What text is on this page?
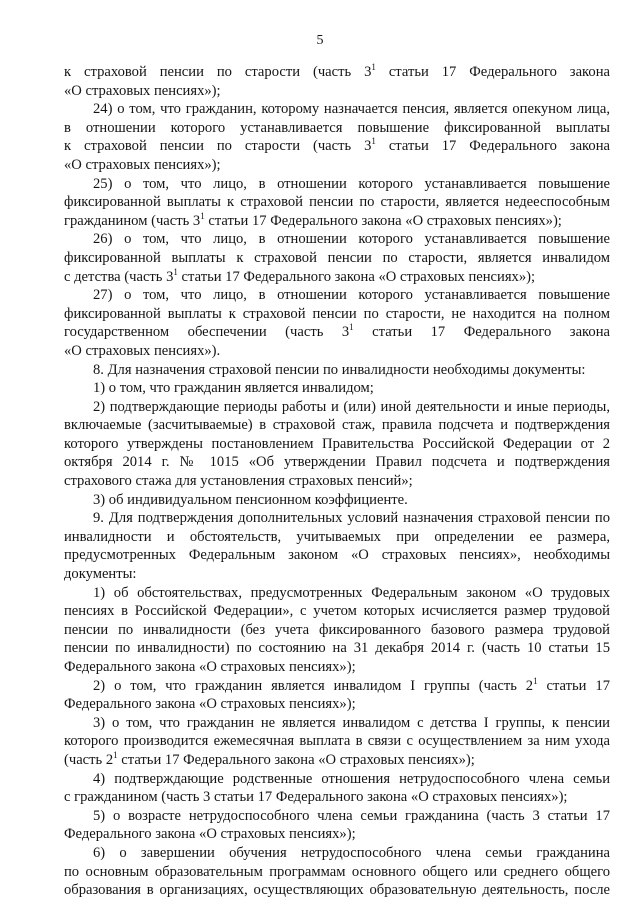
5
к страховой пенсии по старости (часть $3^1$ статьи 17 Федерального закона
«О страховых пенсиях»);
24) о том, что гражданин, которому назначается пенсия, является опекуном лица,
в отношении которого устанавливается повышение фиксированной выплаты
к страховой пенсии по старости (часть $3^1$ статьи 17 Федерального закона
«О страховых пенсиях»);
25) о том, что лицо, в отношении которого устанавливается повышение
фиксированной выплаты к страховой пенсии по старости, является недееспособным
гражданином (часть $3^1$ статьи 17 Федерального закона «О страховых пенсиях»);
26) о том, что лицо, в отношении которого устанавливается повышение
фиксированной выплаты к страховой пенсии по старости, является инвалидом
с детства (часть $3^1$ статьи 17 Федерального закона «О страховых пенсиях»);
27) о том, что лицо, в отношении которого устанавливается повышение
фиксированной выплаты к страховой пенсии по старости, не находится на полном
государственном обеспечении (часть $3^1$ статьи 17 Федерального закона
«О страховых пенсиях»).
8. Для назначения страховой пенсии по инвалидности необходимы документы:
1) о том, что гражданин является инвалидом;
2) подтверждающие периоды работы и (или) иной деятельности и иные периоды,
включаемые (засчитываемые) в страховой стаж, правила подсчета и подтверждения
которого утверждены постановлением Правительства Российской Федерации от 2
октября 2014 г. № 1015 «Об утверждении Правил подсчета и подтверждения
страхового стажа для установления страховых пенсий»;
3) об индивидуальном пенсионном коэффициенте.
9. Для подтверждения дополнительных условий назначения страховой пенсии по
инвалидности и обстоятельств, учитываемых при определении ее размера,
предусмотренных Федеральным законом «О страховых пенсиях», необходимы
документы:
1) об обстоятельствах, предусмотренных Федеральным законом «О трудовых
пенсиях в Российской Федерации», с учетом которых исчисляется размер трудовой
пенсии по инвалидности (без учета фиксированного базового размера трудовой
пенсии по инвалидности) по состоянию на 31 декабря 2014 г. (часть 10 статьи 15
Федерального закона «О страховых пенсиях»);
2) о том, что гражданин является инвалидом I группы (часть $2^1$ статьи 17
Федерального закона «О страховых пенсиях»);
3) о том, что гражданин не является инвалидом с детства I группы, к пенсии
которого производится ежемесячная выплата в связи с осуществлением за ним ухода
(часть $2^1$ статьи 17 Федерального закона «О страховых пенсиях»);
4) подтверждающие родственные отношения нетрудоспособного члена семьи
с гражданином (часть 3 статьи 17 Федерального закона «О страховых пенсиях»);
5) о возрасте нетрудоспособного члена семьи гражданина (часть 3 статьи 17
Федерального закона «О страховых пенсиях»);
6) о завершении обучения нетрудоспособного члена семьи гражданина
по основным образовательным программам основного общего или среднего общего
образования в организациях, осуществляющих образовательную деятельность, после
